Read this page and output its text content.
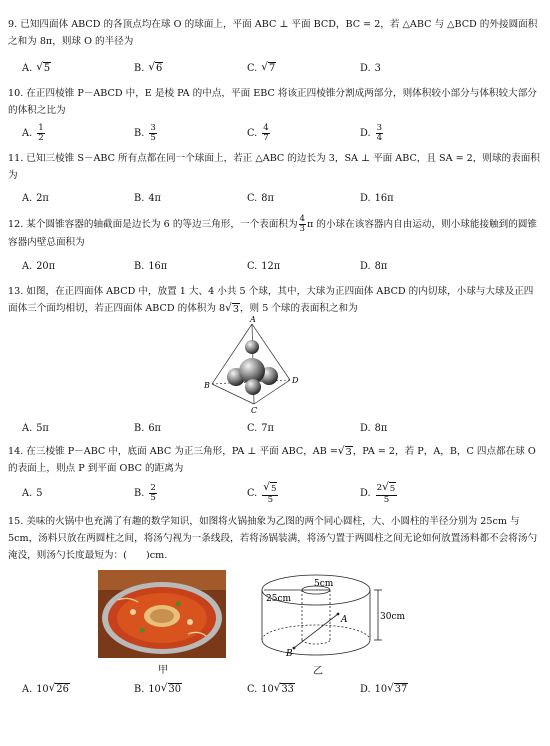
9. 已知四面体 ABCD 的各顶点均在球 O 的球面上，平面 ABC ⊥ 平面 BCD，BC = 2，若 △ABC 与 △BCD 的外接圆面积之和为 8π，则球 O 的半径为

A. √ 5	B. √ 6	C. √ 7	D. 3

10. 在正四棱锥 P－ABCD 中，E 是棱 PA 的中点，平面 EBC 将该正四棱锥分割成两部分，则体积较小部分与体积较大部分的体积之比为

A. $\frac{1}{2}$	B. $\frac{3}{5}$	C. $\frac{4}{7}$	D. $\frac{3}{4}$

11. 已知三棱锥 S－ABC 所有点都在同一个球面上，若正 △ABC 的边长为 3，SA ⊥ 平面 ABC，且 SA = 2，则球的表面积为

A. 2π	B. 4π	C. 8π	D. 16π

12. 某个圆锥容器的轴截面是边长为 6 的等边三角形，一个表面积为 $\frac{4}{3}$ π 的小球在该容器内自由运动，则小球能接触到的圆锥容器内壁总面积为

A. 20π	B. 16π	C. 12π	D. 8π

13. 如图，在正四面体 ABCD 中，放置 1 大、4 小共 5 个球，其中，大球为正四面体 ABCD 的内切球，小球与大球及正四面体三个面均相切，若正四面体 ABCD 的体积为 8 √ 3 ，则 5 个球的表面积之和为

A
B
C
D
A. 5π	B. 6π	C. 7π	D. 8π

14. 在三棱锥 P－ABC 中，底面 ABC 为正三角形，PA ⊥ 平面 ABC，AB = √ 3 ，PA = 2，若 P，A，B，C 四点都在球 O 的表面上，则点 P 到平面 OBC 的距离为

A. 5	B. $\frac{2}{5}$	C. $\frac{√ 5}{5}$	D. $\frac{2 √ 5}{5}$

15. 美味的火锅中也充满了有趣的数学知识，如图将火锅抽象为乙图的两个同心圆柱，大、小圆柱的半径分别为 25cm 与 5cm，汤料只放在两圆柱之间，将汤勺视为一条线段，若将汤锅装满，将汤勺置于两圆柱之间无论如何放置汤料都不会将汤勺淹没，则汤勺长度最短为：(　　)cm.

甲
5cm
25cm
30cm
A
B
乙
A. 10 √ 26	B. 10 √ 30	C. 10 √ 33	D. 10 √ 37
